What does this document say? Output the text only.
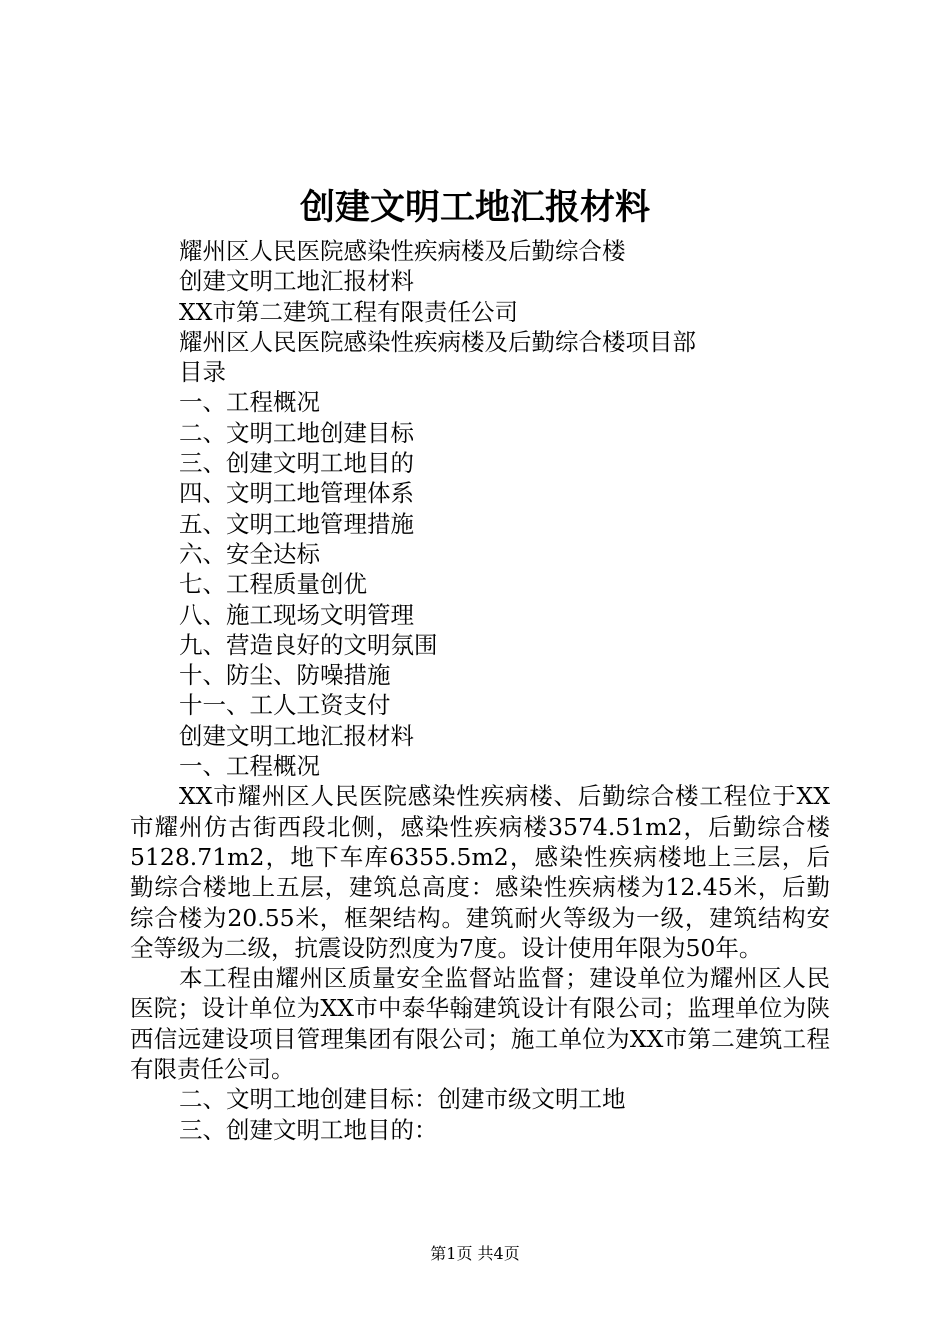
创建文明工地汇报材料

耀州区人民医院感染性疾病楼及后勤综合楼

创建文明工地汇报材料

XX市第二建筑工程有限责任公司

耀州区人民医院感染性疾病楼及后勤综合楼项目部

目录

一、工程概况

二、文明工地创建目标

三、创建文明工地目的

四、文明工地管理体系

五、文明工地管理措施

六、安全达标

七、工程质量创优

八、施工现场文明管理

九、营造良好的文明氛围

十、防尘、防噪措施

十一、工人工资支付

创建文明工地汇报材料

一、工程概况

XX市耀州区人民医院感染性疾病楼、后勤综合楼工程位于XX市耀州仿古街西段北侧，感染性疾病楼3574.51m2，后勤综合楼5128.71m2，地下车库6355.5m2，感染性疾病楼地上三层，后勤综合楼地上五层，建筑总高度：感染性疾病楼为12.45米，后勤综合楼为20.55米，框架结构。建筑耐火等级为一级，建筑结构安全等级为二级，抗震设防烈度为7度。设计使用年限为50年。

本工程由耀州区质量安全监督站监督；建设单位为耀州区人民医院；设计单位为XX市中泰华翰建筑设计有限公司；监理单位为陕西信远建设项目管理集团有限公司；施工单位为XX市第二建筑工程有限责任公司。

二、文明工地创建目标：创建市级文明工地

三、创建文明工地目的：

第1页 共4页
